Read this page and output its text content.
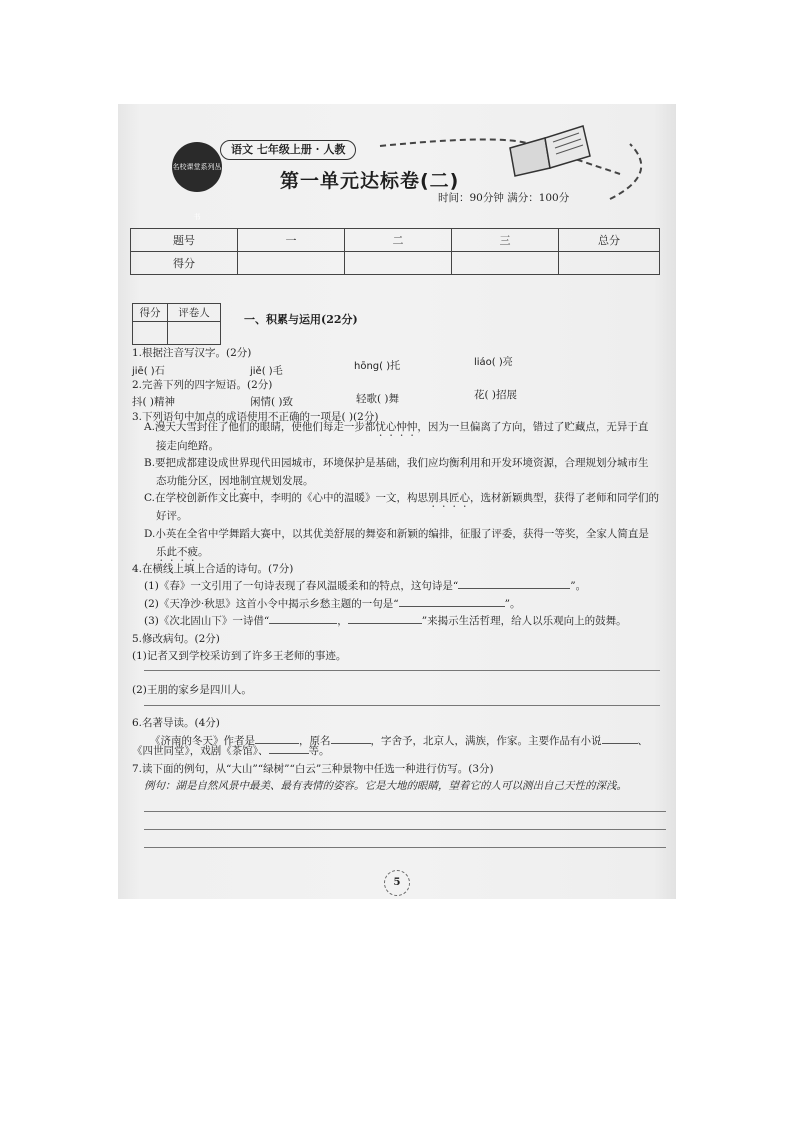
名校课堂系列丛书
语文 七年级上册 · 人教
第一单元达标卷(二)
时间：90分钟 满分：100分
题号	一	二	三	总分
得分				
得分	评卷人
		一、积累与运用(22分)
1.根据注音写汉字。(2分)
hōng( )托	liáo( )亮
jiē( )石	jiě( )毛
2.完善下列的四字短语。(2分)
抖( )精神	闲情( )致	轻歌( )舞	花( )招展
3.下列语句中加点的成语使用不正确的一项是( )(2分)
A.漫天大雪封住了他们的眼睛，使他们每走一步都忧心忡忡，因为一旦偏离了方向，错过了贮藏点，无异于直
接走向绝路。
B.要把成都建设成世界现代田园城市，环境保护是基础，我们应均衡利用和开发环境资源，合理规划分城市生
态功能分区，因地制宜规划发展。
C.在学校创新作文比赛中，李明的《心中的温暖》一文，构思别具匠心，选材新颖典型，获得了老师和同学们的
好评。
D.小英在全省中学舞蹈大赛中，以其优美舒展的舞姿和新颖的编排，征服了评委，获得一等奖，全家人简直是
乐此不疲。
4.在横线上填上合适的诗句。(7分)
(1)《春》一文引用了一句诗表现了春风温暖柔和的特点，这句诗是“	”。
(2)《天净沙·秋思》这首小令中揭示乡愁主题的一句是“	”。
(3)《次北固山下》一诗借“	，	”来揭示生活哲理，给人以乐观向上的鼓舞。
5.修改病句。(2分)
(1)记者又到学校采访到了许多王老师的事迹。
(2)王朋的家乡是四川人。
6.名著导读。(4分)
《济南的冬天》作者是	，原名	，字舍予，北京人，满族，作家。主要作品有小说	、
《四世同堂》，戏剧《茶馆》、	等。
7.读下面的例句，从“大山”“绿树”“白云”三种景物中任选一种进行仿写。(3分)
例句：湖是自然风景中最美、最有表情的姿容。它是大地的眼睛，望着它的人可以测出自己天性的深浅。
5
